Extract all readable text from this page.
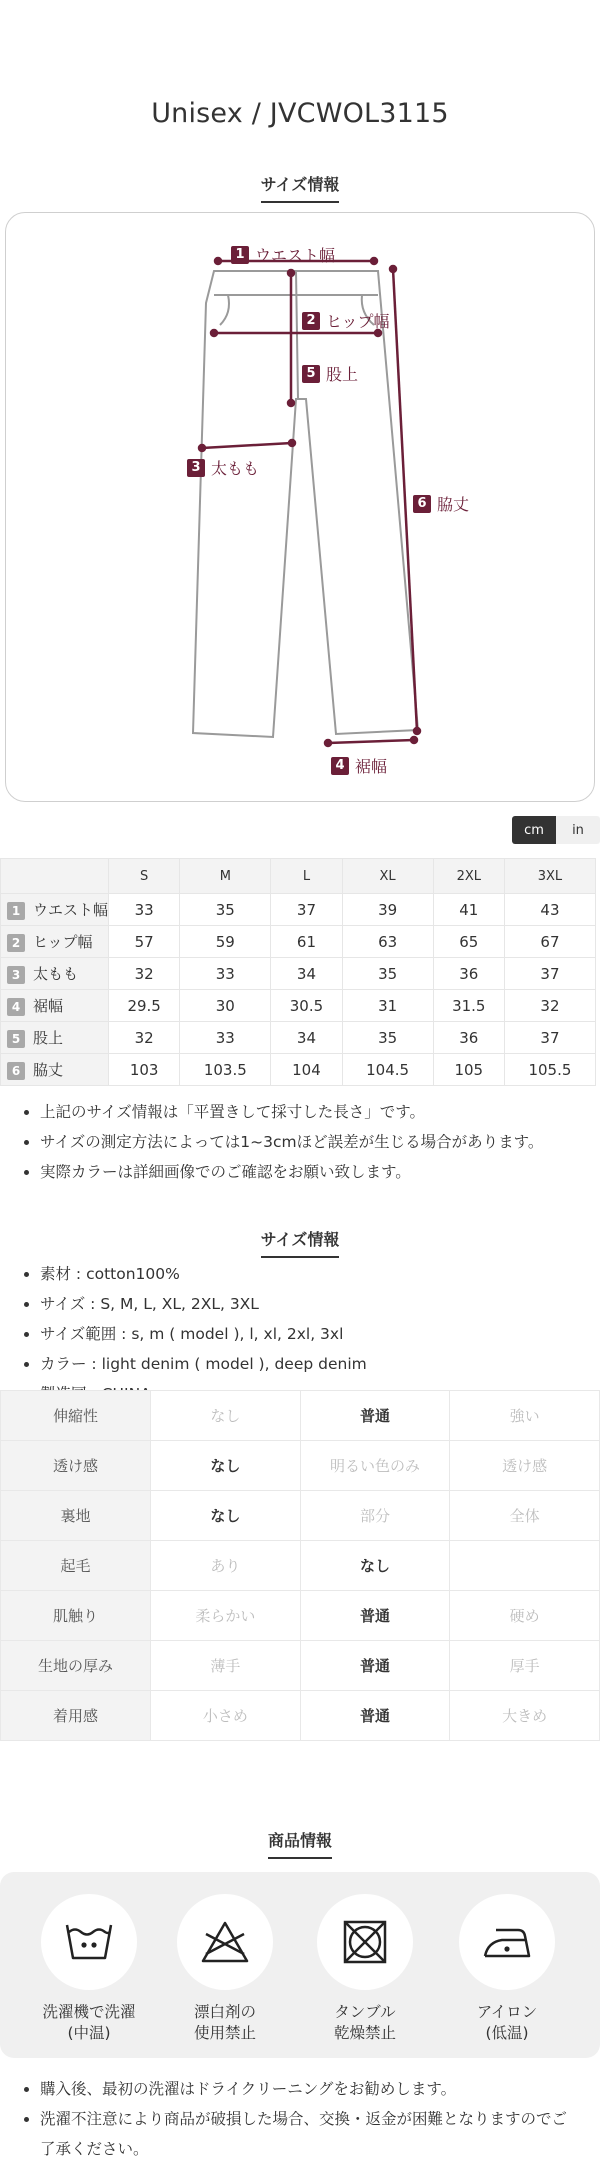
Unisex / JVCWOL3115
サイズ情報
1 ウエスト幅
2 ヒップ幅
5 股上
3 太もも
6 脇丈
4 裾幅
cm	in
	S	M	L	XL	2XL	3XL
1 ウエスト幅	33	35	37	39	41	43
2 ヒップ幅	57	59	61	63	65	67
3 太もも	32	33	34	35	36	37
4 裾幅	29.5	30	30.5	31	31.5	32
5 股上	32	33	34	35	36	37
6 脇丈	103	103.5	104	104.5	105	105.5
上記のサイズ情報は「平置きして採寸した長さ」です。
サイズの測定方法によっては1~3cmほど誤差が生じる場合があります。
実際カラーは詳細画像でのご確認をお願い致します。
サイズ情報
素材 : cotton100%
サイズ : S, M, L, XL, 2XL, 3XL
サイズ範囲 : s, m ( model ), l, xl, 2xl, 3xl
カラー : light denim ( model ), deep denim
伸縮性	なし	普通	強い
透け感	なし	明るい色のみ	透け感
裏地	なし	部分	全体
起毛	あり	なし	
肌触り	柔らかい	普通	硬め
生地の厚み	薄手	普通	厚手
着用感	小さめ	普通	大きめ
商品情報
洗濯機で洗濯
(中温)
漂白剤の
使用禁止
タンブル
乾燥禁止
アイロン
(低温)
購入後、最初の洗濯はドライクリーニングをお勧めします。
洗濯不注意により商品が破損した場合、交換・返金が困難となりますのでご了承ください。
